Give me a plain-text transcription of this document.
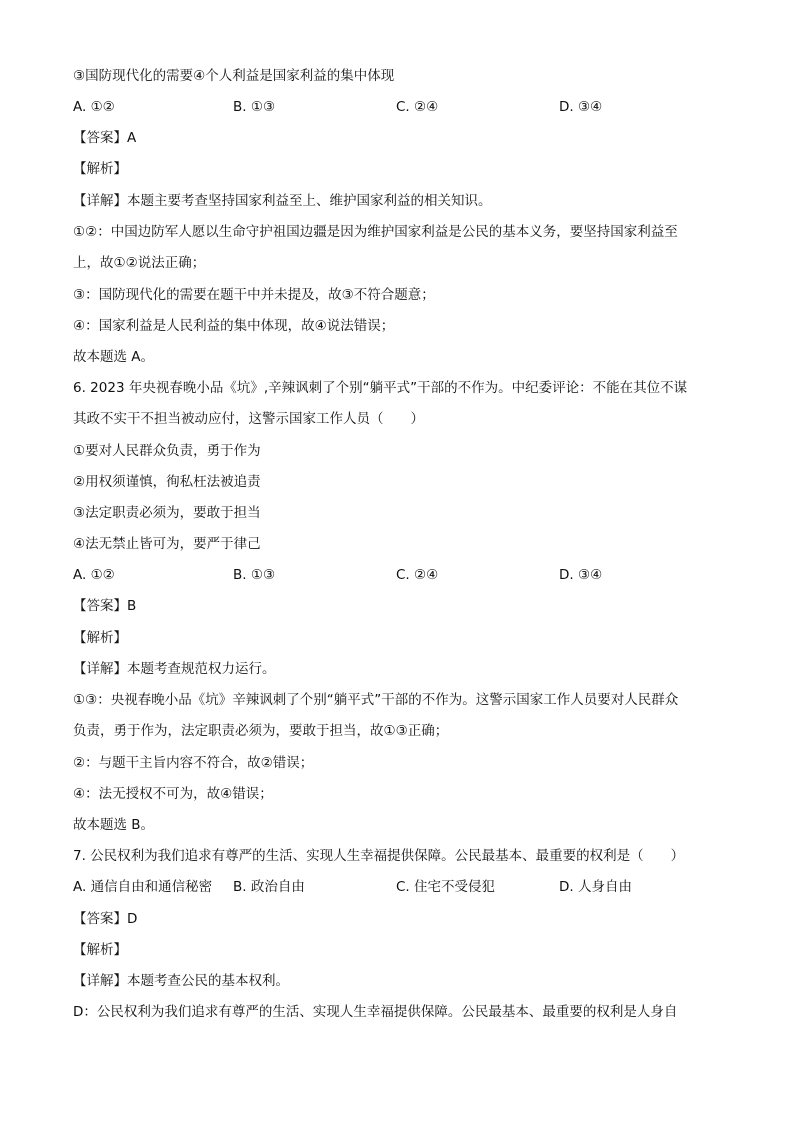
③国防现代化的需要④个人利益是国家利益的集中体现
A. ①②	B. ①③	C. ②④	D. ③④
【答案】A
【解析】
【详解】本题主要考查坚持国家利益至上、维护国家利益的相关知识。
①②：中国边防军人愿以生命守护祖国边疆是因为维护国家利益是公民的基本义务，要坚持国家利益至
上，故①②说法正确；
③：国防现代化的需要在题干中并未提及，故③不符合题意；
④：国家利益是人民利益的集中体现，故④说法错误；
故本题选 A。
6. 2023 年央视春晚小品《坑》,辛辣讽刺了个别“躺平式”干部的不作为。中纪委评论：不能在其位不谋
其政不实干不担当被动应付，这警示国家工作人员（　　）
①要对人民群众负责，勇于作为
②用权须谨慎，徇私枉法被追责
③法定职责必须为，要敢于担当
④法无禁止皆可为，要严于律己
A. ①②	B. ①③	C. ②④	D. ③④
【答案】B
【解析】
【详解】本题考查规范权力运行。
①③：央视春晚小品《坑》辛辣讽刺了个别“躺平式”干部的不作为。这警示国家工作人员要对人民群众
负责，勇于作为，法定职责必须为，要敢于担当，故①③正确；
②：与题干主旨内容不符合，故②错误；
④：法无授权不可为，故④错误；
故本题选 B。
7. 公民权利为我们追求有尊严的生活、实现人生幸福提供保障。公民最基本、最重要的权利是（　　）
A. 通信自由和通信秘密 B. 政治自由	C. 住宅不受侵犯	D. 人身自由
【答案】D
【解析】
【详解】本题考查公民的基本权利。
D：公民权利为我们追求有尊严的生活、实现人生幸福提供保障。公民最基本、最重要的权利是人身自
